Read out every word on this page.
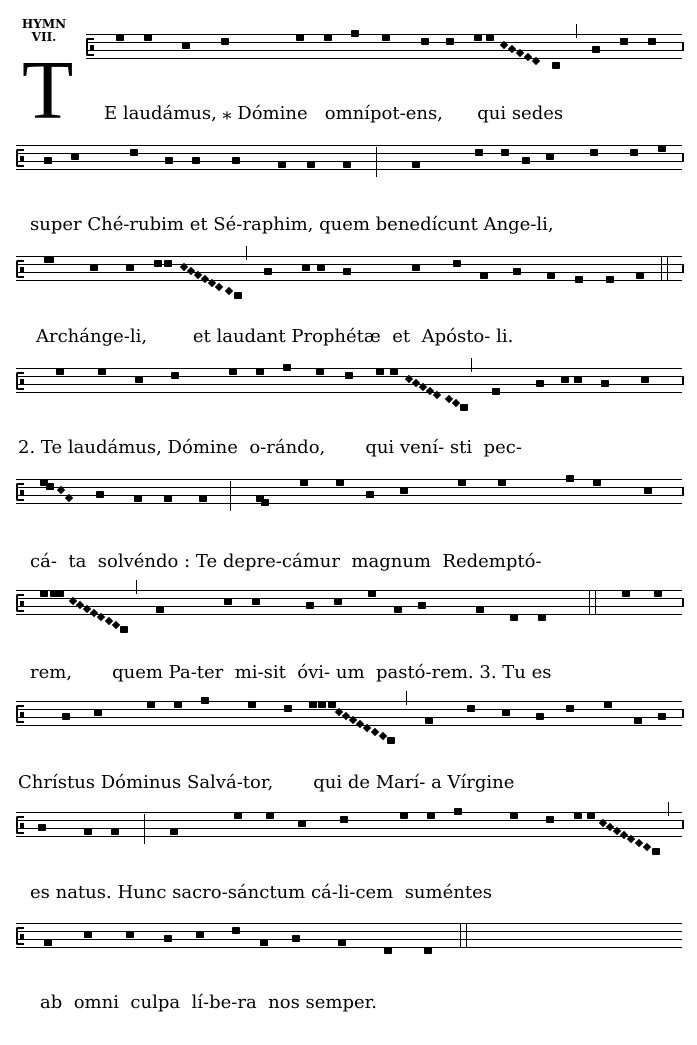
HYMN
VII.
T E laudámus, ⁎ Dómine   omnípot-ens,      qui sedes
super Ché-rubim et Sé-raphim, quem benedícunt Ange-li,
Archánge-li,        et laudant Prophétæ  et  Apósto- li.
2. Te laudámus, Dómine  o-rándo,       qui vení- sti  pec-
cá-  ta  solvéndo : Te depre-cámur  magnum  Redemptó-
rem,       quem Pa-ter  mi-sit  óvi- um  pastó-rem. 3. Tu es
Chrístus Dóminus Salvá-tor,       qui de Marí- a Vírgine
es natus. Hunc sacro-sánctum cá-li-cem  suméntes
ab  omni  culpa  lí-be-ra  nos semper.
